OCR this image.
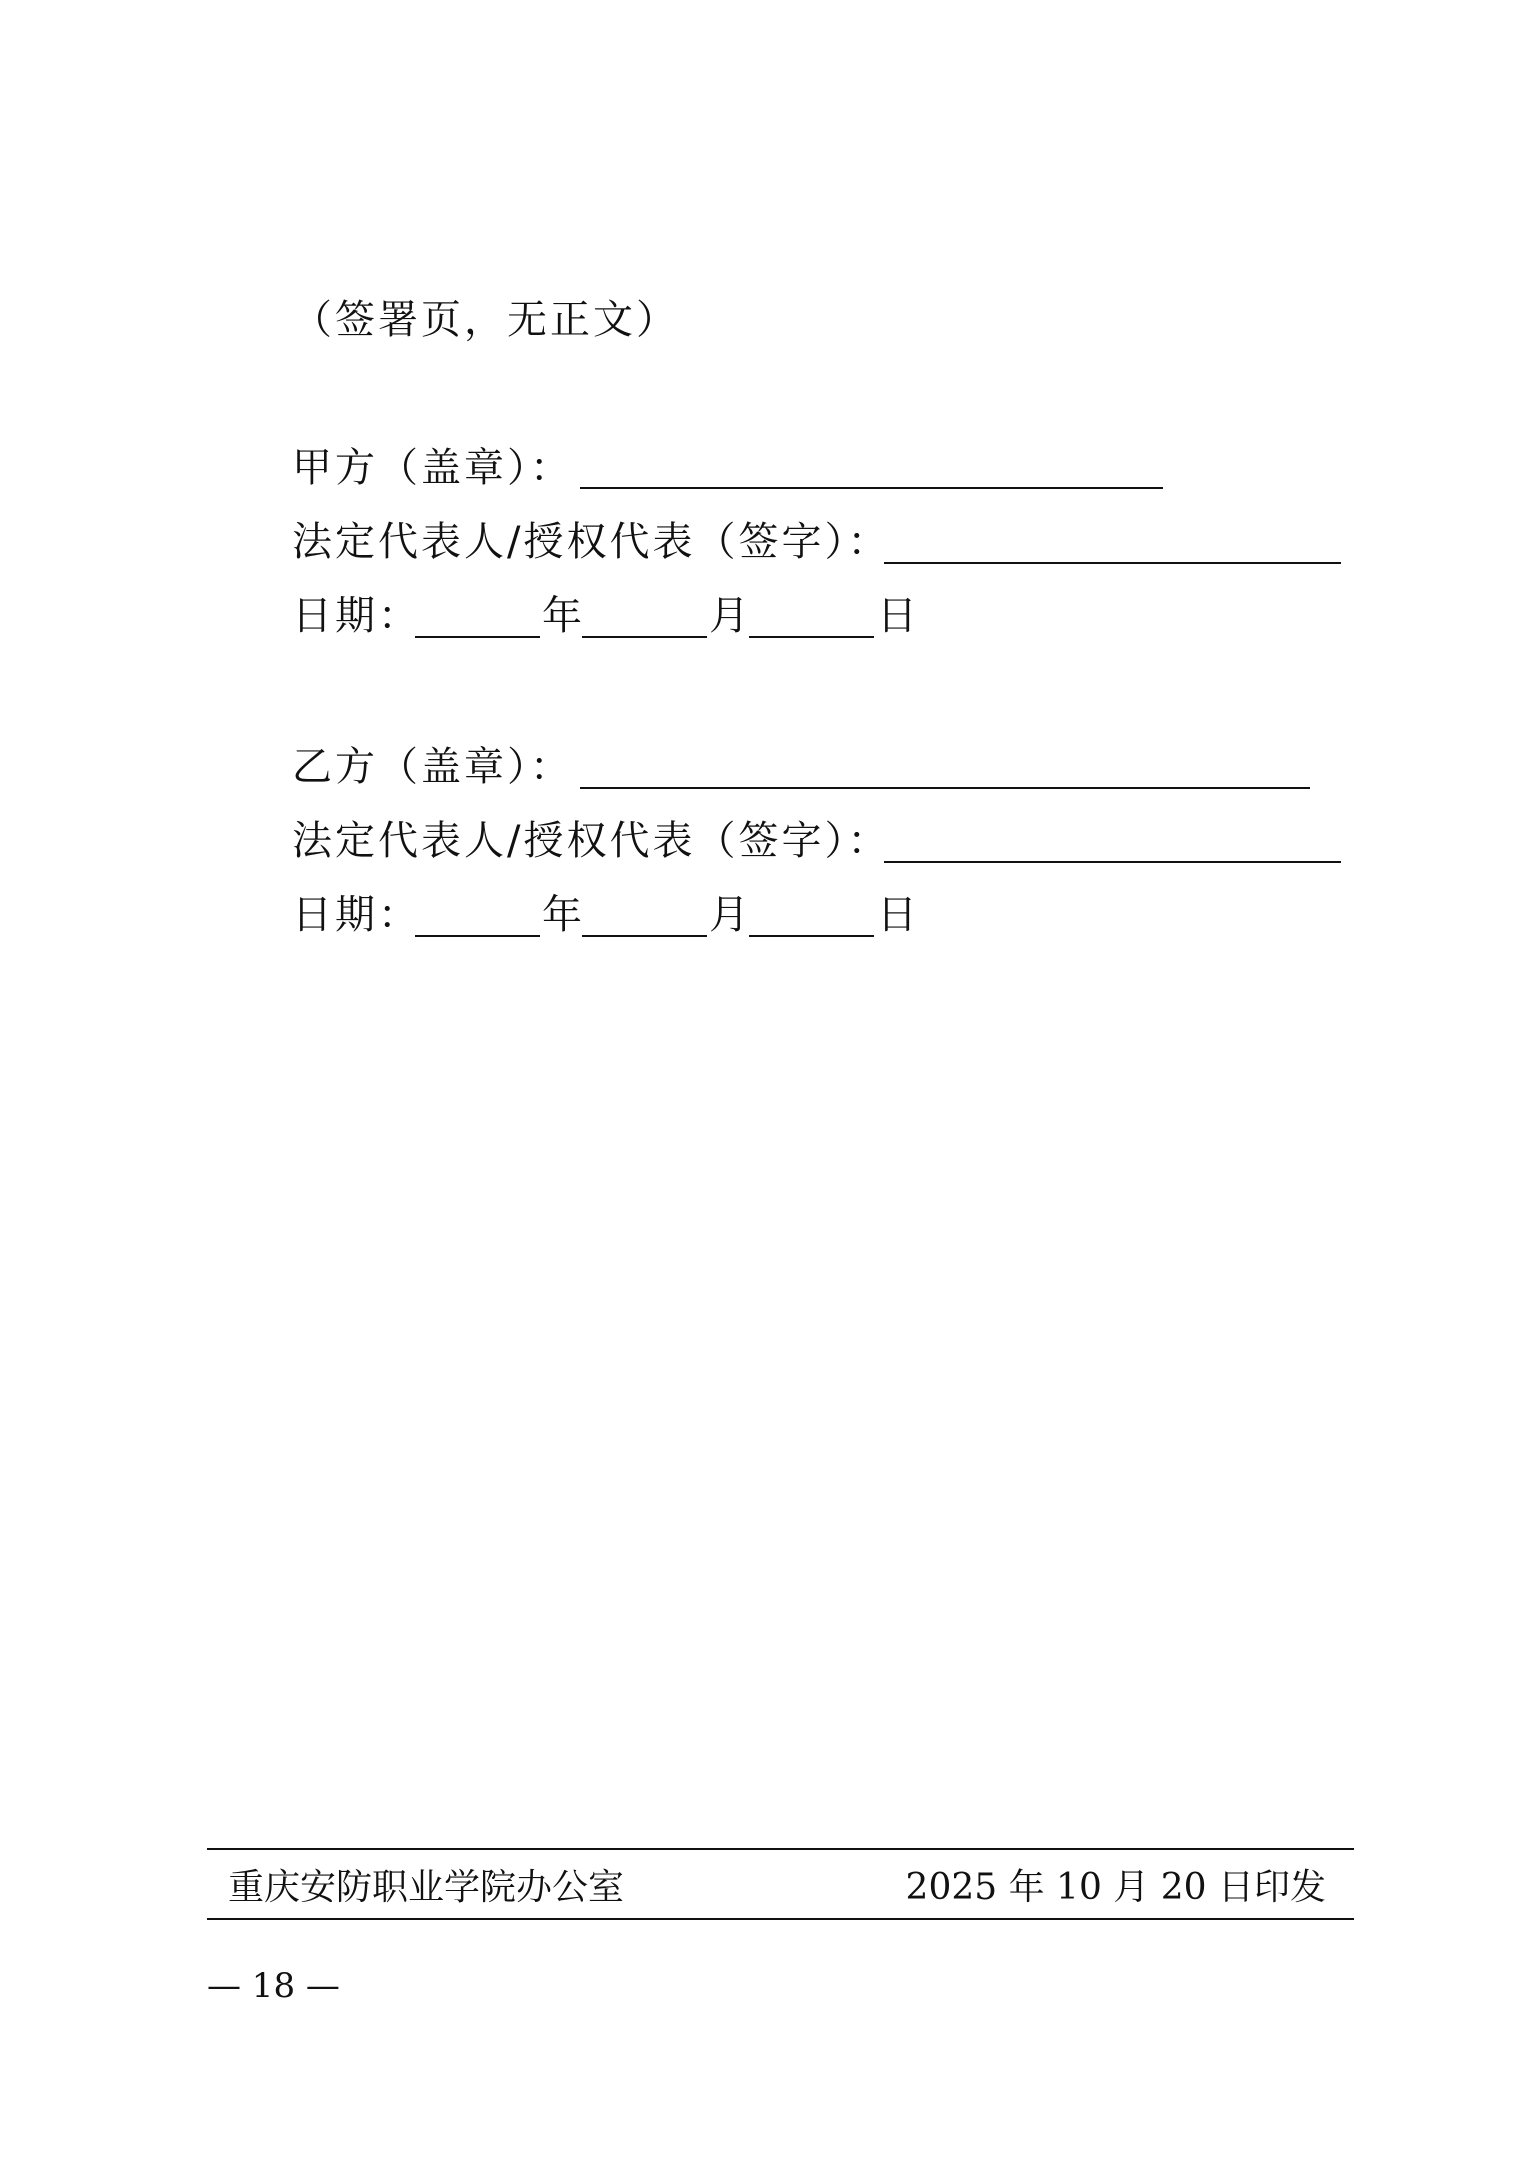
（签署页，无正文）
甲方（盖章）：
法定代表人/授权代表（签字）：
日期：	年	月	日
乙方（盖章）：
法定代表人/授权代表（签字）：
日期：	年	月	日
重庆安防职业学院办公室	2025 年 10 月 20 日印发
— 18 —
